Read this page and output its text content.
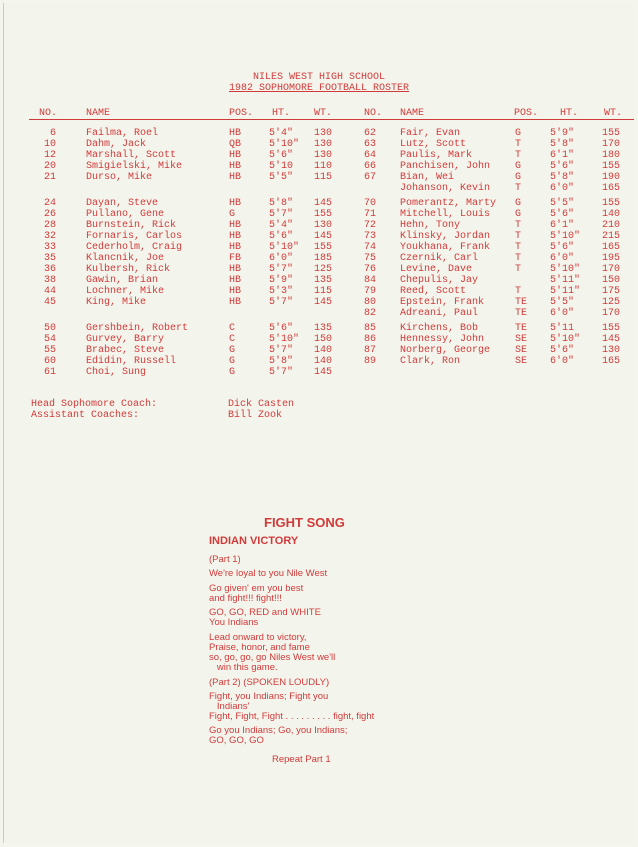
NILES WEST HIGH SCHOOL
1982 SOPHOMORE FOOTBALL ROSTER
NO.	NAME	POS. HT. WT.	NO. NAME	POS. HT.	WT.
6	Failma, Roel	HB	5'4" 130
10	Dahm, Jack	QB	5'10" 130
12	Marshall, Scott	HB	5'6" 130
20	Smigielski, Mike	HB	5'10 110
21	Durso, Mike	HB	5'5" 115
24	Dayan, Steve	HB	5'8" 145
26	Pullano, Gene	G	5'7" 155
28	Burnstein, Rick	HB	5'4" 130
32	Fornaris, Carlos	HB	5'6" 145
33	Cederholm, Craig	HB	5'10" 155
35	Klancnik, Joe	FB	6'0" 185
36	Kulbersh, Rick	HB	5'7" 125
38	Gawin, Brian	HB	5'9" 135
44	Lochner, Mike	HB	5'3" 115
45	King, Mike	HB	5'7" 145
50	Gershbein, Robert	C	5'6" 135
54	Gurvey, Barry	C	5'10" 150
55	Brabec, Steve	G	5'7" 140
60	Edidin, Russell	G	5'8" 140
61	Choi, Sung	G	5'7" 145
62 Fair, Evan	G	5'9"	155
63 Lutz, Scott	T	5'8"	170
64 Paulis, Mark	T	6'1"	180
66 Panchisen, John G	5'6"	155
67 Bian, Wei	G	5'8"	190
Johanson, Kevin T	6'0"	165
70 Pomerantz, Marty G	5'5"	155
71 Mitchell, Louis G	5'6"	140
72 Hehn, Tony	T	6'1"	210
73 Klinsky, Jordan T	5'10" 215
74 Youkhana, Frank T	5'6"	165
75 Czernik, Carl	T	6'0"	195
76 Levine, Dave	T	5'10" 170
84 Chepulis, Jay	5'11" 150
79 Reed, Scott	T	5'11" 175
80 Epstein, Frank	TE 5'5"	125
82 Adreani, Paul	TE 6'0"	170
85 Kirchens, Bob	TE 5'11	155
86 Hennessy, John	SE 5'10" 145
87 Norberg, George SE 5'6"	130
89 Clark, Ron	SE 6'0"	165
Head Sophomore Coach:	Dick Casten
Assistant Coaches:	Bill Zook
FIGHT SONG
INDIAN VICTORY
(Part 1)
We're loyal to you Nile West
Go given' em you best
and fight!!! fight!!!
GO, GO, RED and WHITE
You Indians
Lead onward to victory,
Praise, honor, and fame
so, go, go, go Niles West we'll
win this game.
(Part 2) (SPOKEN LOUDLY)
Fight, you Indians; Fight you
Indians'
Fight, Fight, Fight . . . . . . . . . fight, fight
Go you Indians; Go, you Indians;
GO, GO, GO
Repeat Part 1
